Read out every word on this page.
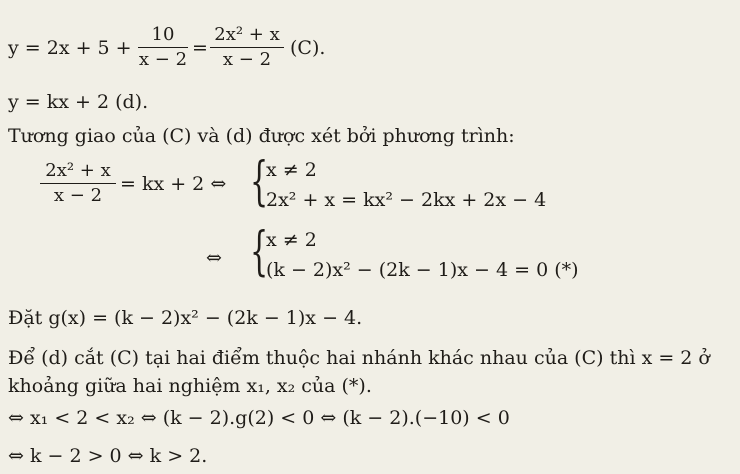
y = 2x + 5 +
10
x − 2
=
2x² + x
x − 2
(C).
y = kx + 2 (d).
Tương giao của (C) và (d) được xét bởi phương trình:
2x² + x
x − 2
= kx + 2 ⇔ {
x ≠ 2
2x² + x = kx² − 2kx + 2x − 4
⇔ {
x ≠ 2
(k − 2)x² − (2k − 1)x − 4 = 0 (*)
Đặt g(x) = (k − 2)x² − (2k − 1)x − 4.
Để (d) cắt (C) tại hai điểm thuộc hai nhánh khác nhau của (C) thì x = 2 ở
khoảng giữa hai nghiệm x₁, x₂ của (*).
⇔ x₁ < 2 < x₂ ⇔ (k − 2).g(2) < 0 ⇔ (k − 2).(−10) < 0
⇔ k − 2 > 0 ⇔ k > 2.
